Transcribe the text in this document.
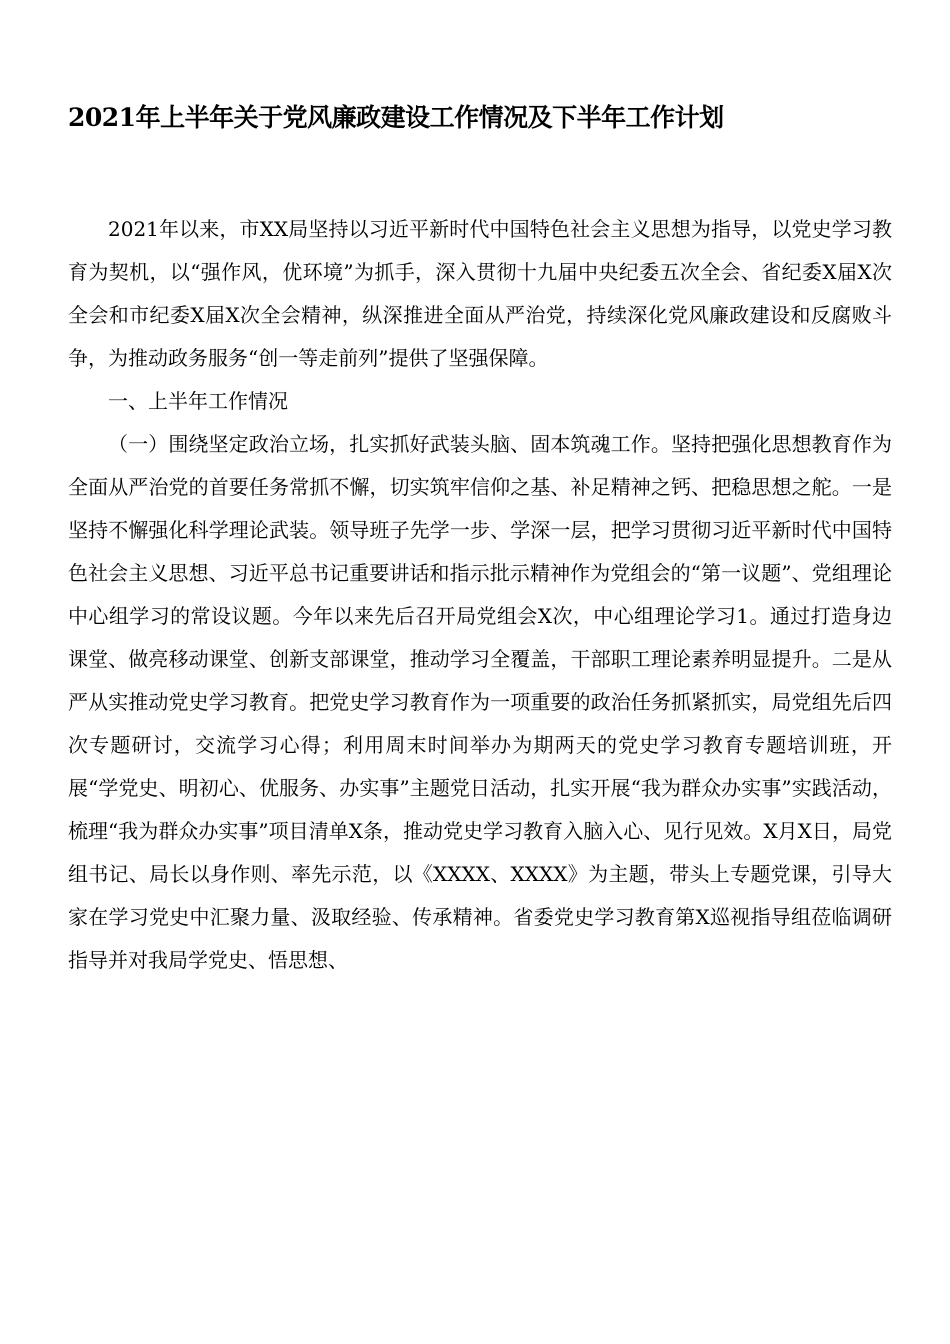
2021年上半年关于党风廉政建设工作情况及下半年工作计划

2021年以来，市XX局坚持以习近平新时代中国特色社会主义思想为指导，以党史学习教育为契机，以“强作风，优环境”为抓手，深入贯彻十九届中央纪委五次全会、省纪委X届X次全会和市纪委X届X次全会精神，纵深推进全面从严治党，持续深化党风廉政建设和反腐败斗争，为推动政务服务“创一等走前列”提供了坚强保障。

一、上半年工作情况

（一）围绕坚定政治立场，扎实抓好武装头脑、固本筑魂工作。坚持把强化思想教育作为全面从严治党的首要任务常抓不懈，切实筑牢信仰之基、补足精神之钙、把稳思想之舵。一是坚持不懈强化科学理论武装。领导班子先学一步、学深一层，把学习贯彻习近平新时代中国特色社会主义思想、习近平总书记重要讲话和指示批示精神作为党组会的“第一议题”、党组理论中心组学习的常设议题。今年以来先后召开局党组会X次，中心组理论学习1。通过打造身边课堂、做亮移动课堂、创新支部课堂，推动学习全覆盖，干部职工理论素养明显提升。二是从严从实推动党史学习教育。把党史学习教育作为一项重要的政治任务抓紧抓实，局党组先后四次专题研讨，交流学习心得；利用周末时间举办为期两天的党史学习教育专题培训班，开展“学党史、明初心、优服务、办实事”主题党日活动，扎实开展“我为群众办实事”实践活动，梳理“我为群众办实事”项目清单X条，推动党史学习教育入脑入心、见行见效。X月X日，局党组书记、局长以身作则、率先示范，以《XXXX、XXXX》为主题，带头上专题党课，引导大家在学习党史中汇聚力量、汲取经验、传承精神。省委党史学习教育第X巡视指导组莅临调研指导并对我局学党史、悟思想、
